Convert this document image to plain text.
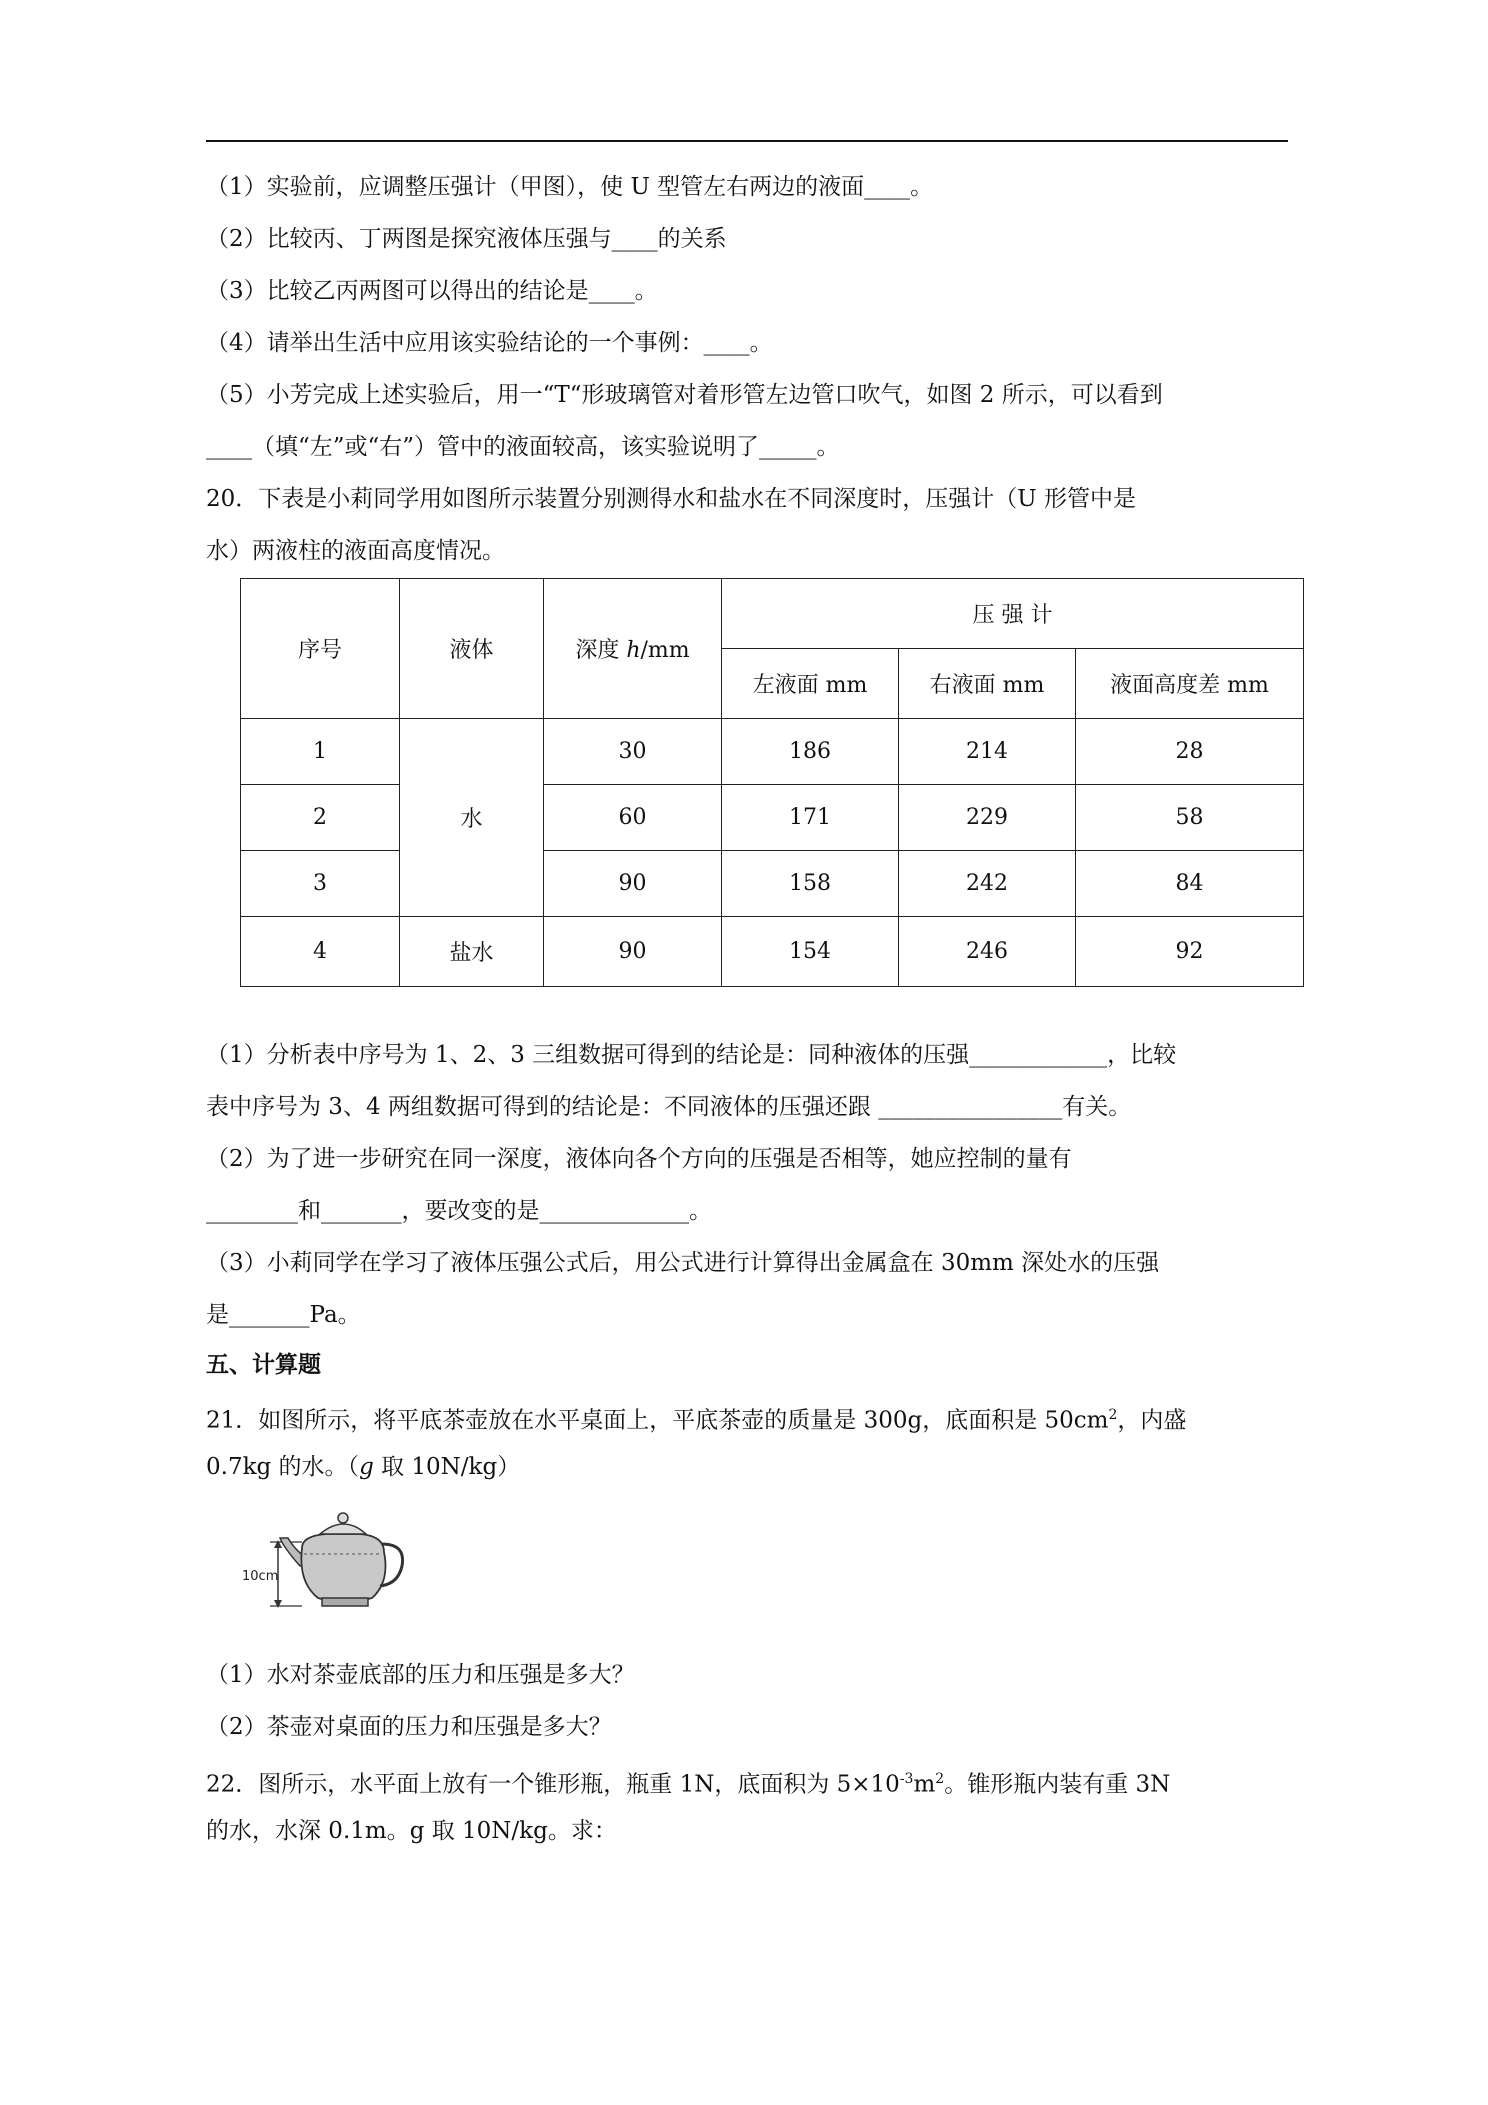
（1）实验前，应调整压强计（甲图），使 U 型管左右两边的液面____。
（2）比较丙、丁两图是探究液体压强与____的关系
（3）比较乙丙两图可以得出的结论是____。
（4）请举出生活中应用该实验结论的一个事例：____。
（5）小芳完成上述实验后，用一“T“形玻璃管对着形管左边管口吹气，如图 2 所示，可以看到
____（填“左”或“右”）管中的液面较高，该实验说明了_____。
20．下表是小莉同学用如图所示装置分别测得水和盐水在不同深度时，压强计（U 形管中是
水）两液柱的液面高度情况。
序号	液体	深度 h/mm	压 强 计		
			左液面 mm	右液面 mm	液面高度差 mm
1	水	30	186	214	28
2		60	171	229	58
3		90	158	242	84
4	盐水	90	154	246	92
（1）分析表中序号为 1、2、3 三组数据可得到的结论是：同种液体的压强____________，比较
表中序号为 3、4 两组数据可得到的结论是：不同液体的压强还跟 ________________有关。
（2）为了进一步研究在同一深度，液体向各个方向的压强是否相等，她应控制的量有
________和_______，要改变的是_____________。
（3）小莉同学在学习了液体压强公式后，用公式进行计算得出金属盒在 30mm 深处水的压强
是_______Pa。
五、计算题
21．如图所示，将平底茶壶放在水平桌面上，平底茶壶的质量是 300g，底面积是 $50cm^2$，内盛
0.7kg 的水。（g 取 10N/kg）
10cm
（1）水对茶壶底部的压力和压强是多大？
（2）茶壶对桌面的压力和压强是多大？
22．图所示，水平面上放有一个锥形瓶，瓶重 1N，底面积为 $5\times 10^{-3}m^2$。锥形瓶内装有重 3N
的水，水深 0.1m。g 取 10N/kg。求：
